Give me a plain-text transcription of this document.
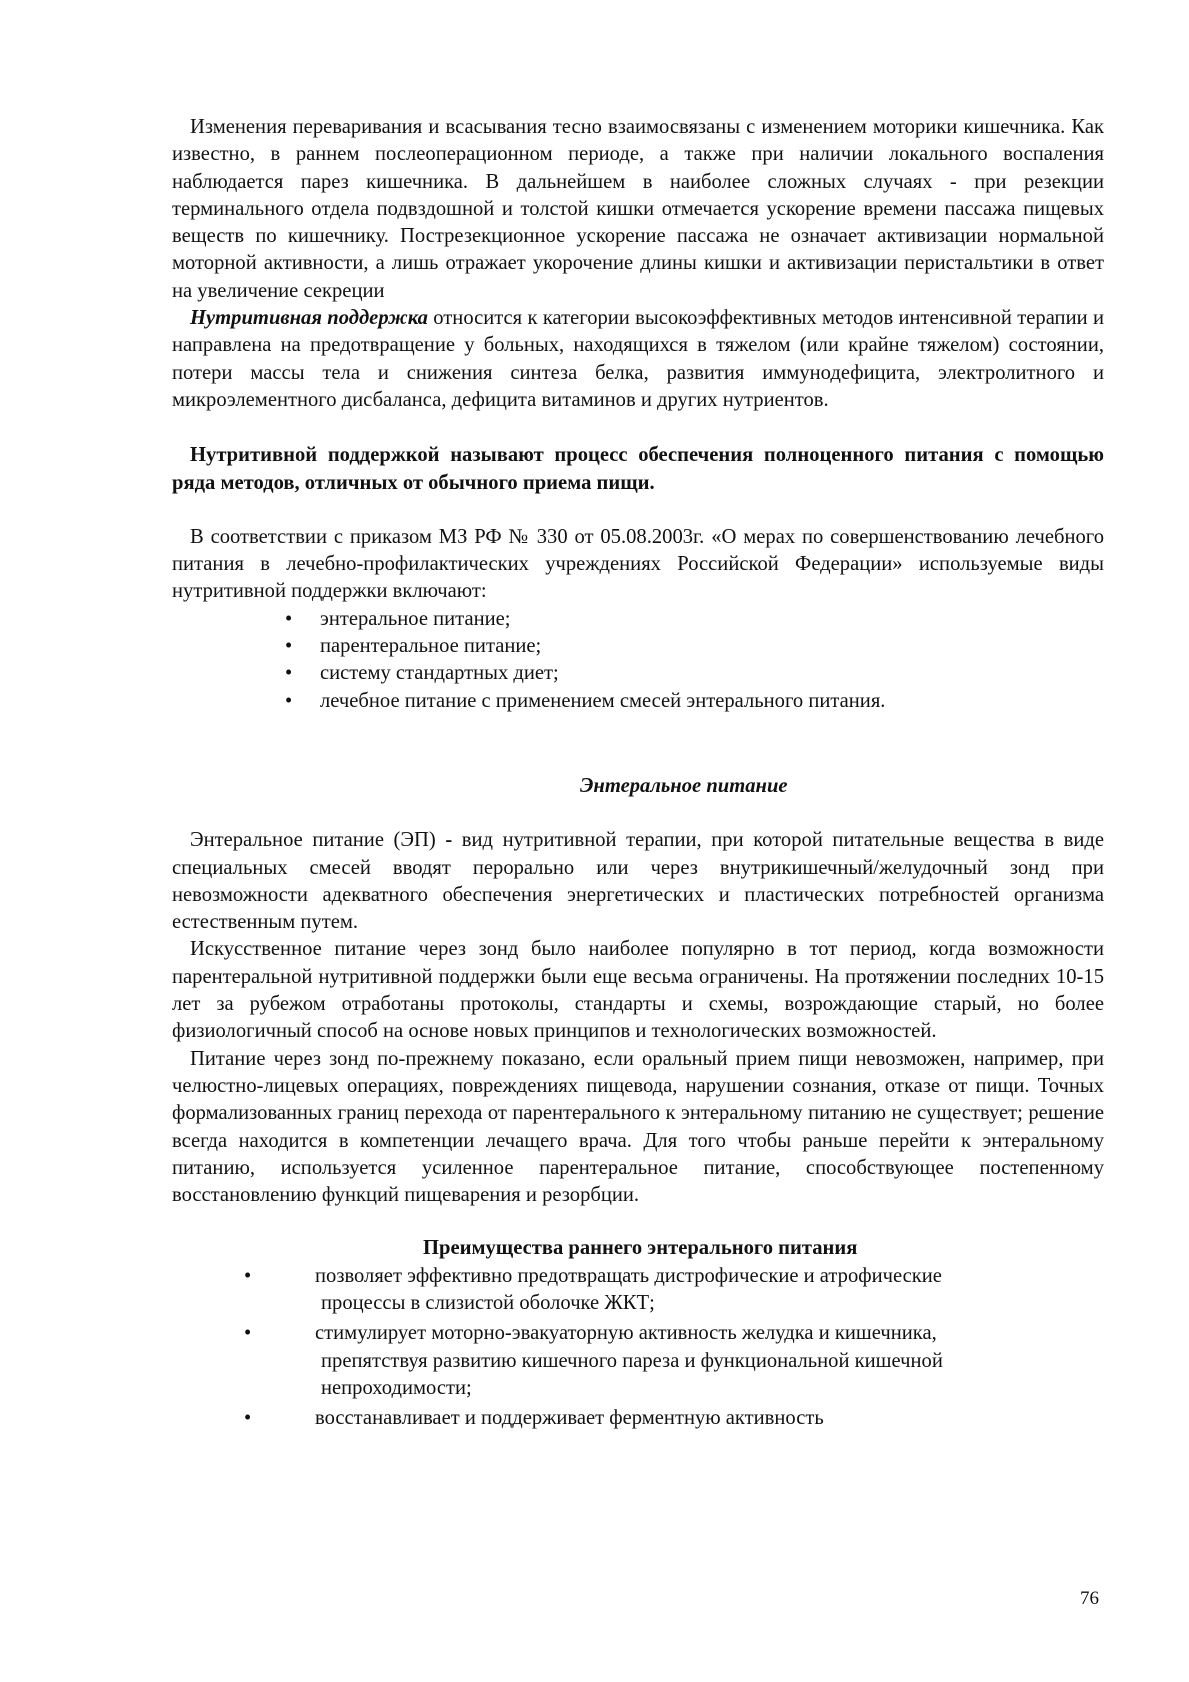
Изменения переваривания и всасывания тесно взаимосвязаны с изменением моторики кишечника. Как известно, в раннем послеоперационном периоде, а также при наличии локального воспаления наблюдается парез кишечника. В дальнейшем в наиболее сложных случаях - при резекции терминального отдела подвздошной и толстой кишки отмечается ускорение времени пассажа пищевых веществ по кишечнику. Пострезекционное ускорение пассажа не означает активизации нормальной моторной активности, а лишь отражает укорочение длины кишки и активизации перистальтики в ответ на увеличение секреции

Нутритивная поддержка относится к категории высокоэффективных методов интенсивной терапии и направлена на предотвращение у больных, находящихся в тяжелом (или крайне тяжелом) состоянии, потери массы тела и снижения синтеза белка, развития иммунодефицита, электролитного и микроэлементного дисбаланса, дефицита витаминов и других нутриентов.

Нутритивной поддержкой называют процесс обеспечения полноценного питания с помощью ряда методов, отличных от обычного приема пищи.

В соответствии с приказом МЗ РФ № 330 от 05.08.2003г. «О мерах по совершенствованию лечебного питания в лечебно-профилактических учреждениях Российской Федерации» используемые виды нутритивной поддержки включают:

• энтеральное питание;
• парентеральное питание;
• систему стандартных диет;
• лечебное питание с применением смесей энтерального питания.

Энтеральное питание

Энтеральное питание (ЭП) - вид нутритивной терапии, при которой питательные вещества в виде специальных смесей вводят перорально или через внутрикишечный/желудочный зонд при невозможности адекватного обеспечения энергетических и пластических потребностей организма естественным путем.

Искусственное питание через зонд было наиболее популярно в тот период, когда возможности парентеральной нутритивной поддержки были еще весьма ограничены. На протяжении последних 10-15 лет за рубежом отработаны протоколы, стандарты и схемы, возрождающие старый, но более физиологичный способ на основе новых принципов и технологических возможностей.

Питание через зонд по-прежнему показано, если оральный прием пищи невозможен, например, при челюстно-лицевых операциях, повреждениях пищевода, нарушении сознания, отказе от пищи. Точных формализованных границ перехода от парентерального к энтеральному питанию не существует; решение всегда находится в компетенции лечащего врача. Для того чтобы раньше перейти к энтеральному питанию, используется усиленное парентеральное питание, способствующее постепенному восстановлению функций пищеварения и резорбции.

Преимущества раннего энтерального питания

•	позволяет эффективно предотвращать дистрофические и атрофические
процессы в слизистой оболочке ЖКТ;
•	стимулирует моторно-эвакуаторную активность желудка и кишечника,
препятствуя развитию кишечного пареза и функциональной кишечной непроходимости;
•	восстанавливает и поддерживает ферментную активность
76
